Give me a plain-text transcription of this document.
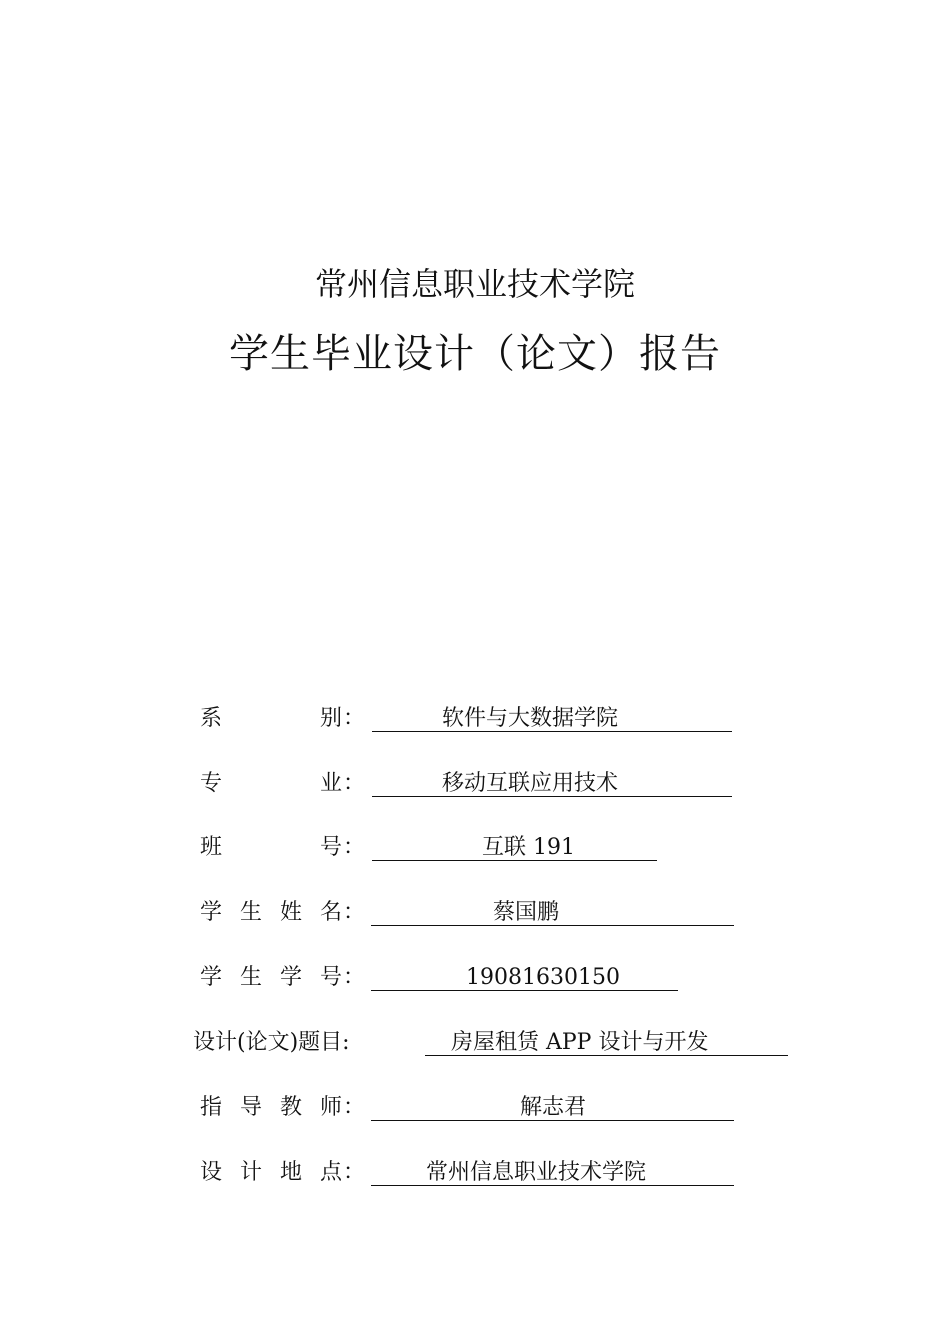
常州信息职业技术学院
学生毕业设计（论文）报告
系	别 ：	软件与大数据学院
专	业 ：	移动互联应用技术
班	号 ：	互联 191
学 生 姓 名 ：	蔡国鹏
学 生 学 号 ：	19081630150
设计(论文)题目:	房屋租赁 APP 设计与开发
指 导 教 师 ：	解志君
设 计 地 点 ：	常州信息职业技术学院
